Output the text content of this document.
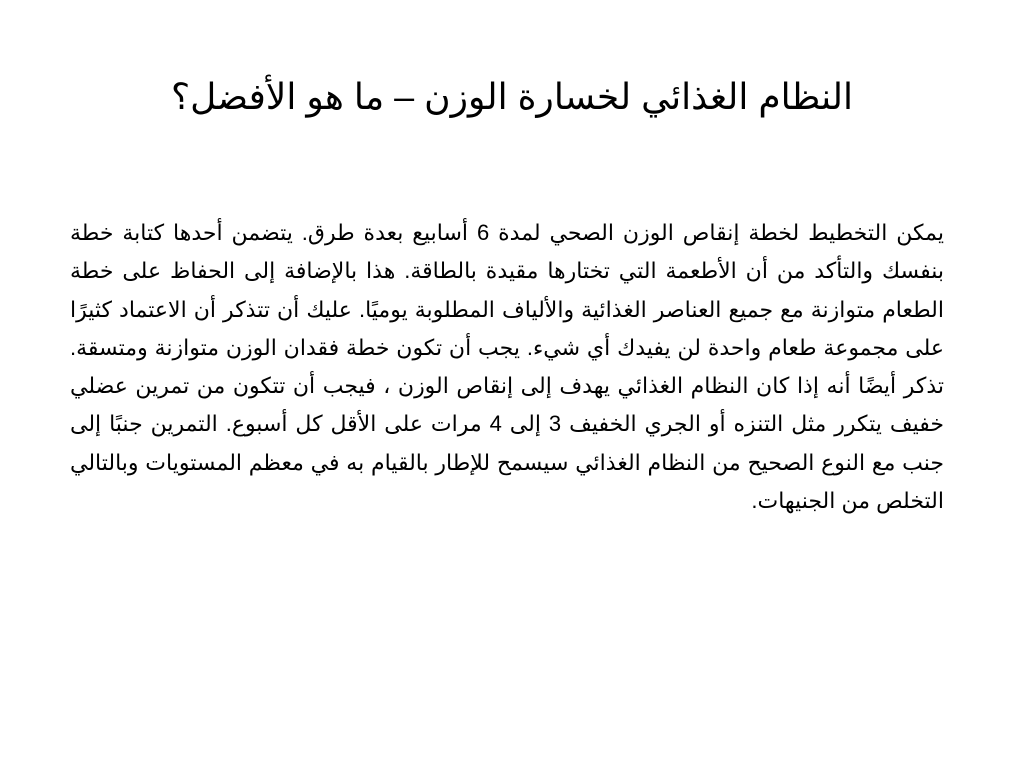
النظام الغذائي لخسارة الوزن – ما هو الأفضل؟

يمكن التخطيط لخطة إنقاص الوزن الصحي لمدة 6 أسابيع بعدة طرق. يتضمن أحدها كتابة خطة بنفسك والتأكد من أن الأطعمة التي تختارها مقيدة بالطاقة. هذا بالإضافة إلى الحفاظ على خطة الطعام متوازنة مع جميع العناصر الغذائية والألياف المطلوبة يوميًا. عليك أن تتذكر أن الاعتماد كثيرًا على مجموعة طعام واحدة لن يفيدك أي شيء. يجب أن تكون خطة فقدان الوزن متوازنة ومتسقة. تذكر أيضًا أنه إذا كان النظام الغذائي يهدف إلى إنقاص الوزن ، فيجب أن تتكون من تمرين عضلي خفيف يتكرر مثل التنزه أو الجري الخفيف 3 إلى 4 مرات على الأقل كل أسبوع. التمرين جنبًا إلى جنب مع النوع الصحيح من النظام الغذائي سيسمح للإطار بالقيام به في معظم المستويات وبالتالي التخلص من الجنيهات.
